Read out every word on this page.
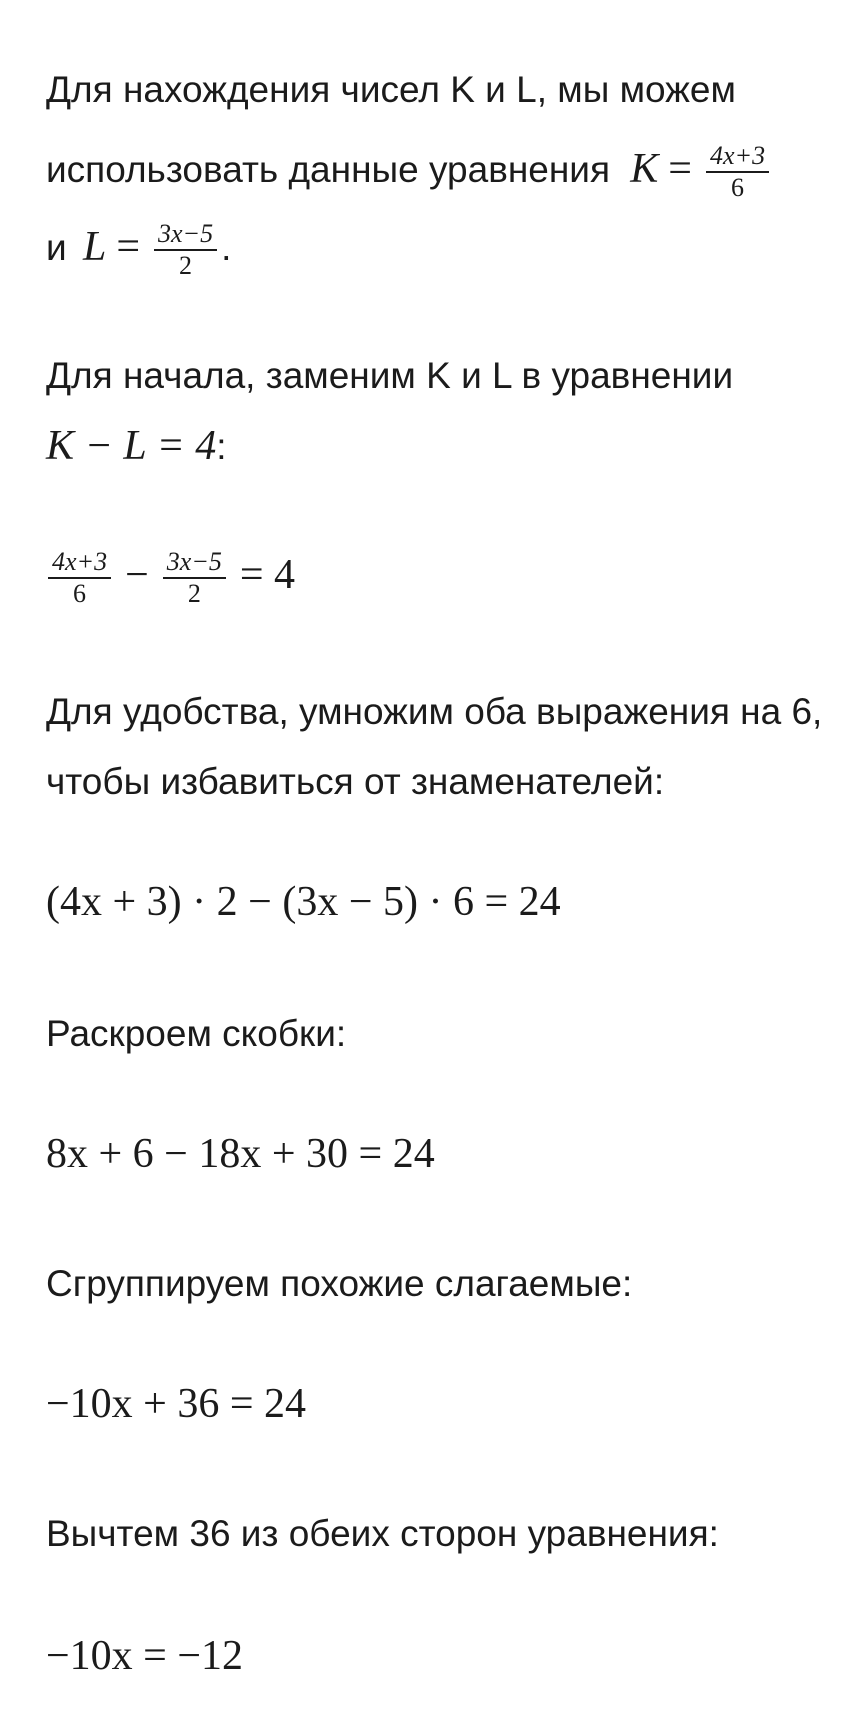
Для нахождения чисел K и L, мы можем
использовать данные уравнения $K = \frac{4x+3}{6}$
и $L = \frac{3x-5}{2}$ .
Для начала, заменим K и L в уравнении
K − L = 4:
$\frac{4x+3}{6} - \frac{3x-5}{2} = 4$
Для удобства, умножим оба выражения на 6,
чтобы избавиться от знаменателей:
(4x + 3) · 2 − (3x − 5) · 6 = 24
Раскроем скобки:
8x + 6 − 18x + 30 = 24
Сгруппируем похожие слагаемые:
−10x + 36 = 24
Вычтем 36 из обеих сторон уравнения:
−10x = −12
